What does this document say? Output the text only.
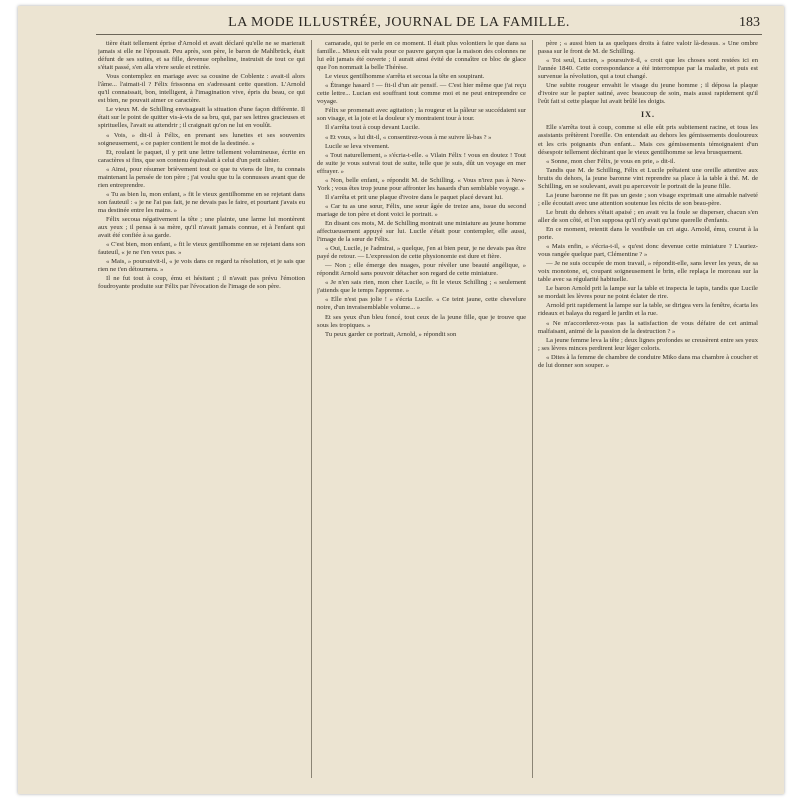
LA MODE ILLUSTRÉE, JOURNAL DE LA FAMILLE.	183

tière était tellement éprise d'Arnold et avait déclaré qu'elle ne se marierait jamais si elle ne l'épousait. Peu après, son père, le baron de Mahlbrück, était défunt de ses suites, et sa fille, devenue orpheline, instruisit de tout ce qui s'était passé, s'en alla vivre seule et retirée.

Vous contemplez en mariage avec sa cousine de Coblentz : avait-il alors l'âme... l'aimait-il ? Félix frissonna en s'adressant cette question. L'Arnold qu'il connaissait, bon, intelligent, à l'imagination vive, épris du beau, ce qui est bien, ne pouvait aimer ce caractère.

Le vieux M. de Schilling envisageait la situation d'une façon différente. Il était sur le point de quitter vis-à-vis de sa bru, qui, par ses lettres gracieuses et spirituelles, l'avait su attendrir ; il craignait qu'on ne lui en voulût.

« Vois, » dit-il à Félix, en prenant ses lunettes et ses souvenirs soigneusement, « ce papier contient le mot de la destinée. »

Et, roulant le paquet, il y prit une lettre tellement volumineuse, écrite en caractères si fins, que son contenu équivalait à celui d'un petit cahier.

« Ainsi, pour résumer brièvement tout ce que tu viens de lire, tu connais maintenant la pensée de ton père ; j'ai voulu que tu la connusses avant que de rien entreprendre.

« Tu as bien lu, mon enfant, » fit le vieux gentilhomme en se rejetant dans son fauteuil : « je ne l'ai pas fait, je ne devais pas le faire, et pourtant j'avais eu ma destinée entre les mains. »

Félix secoua négativement la tête ; une plainte, une larme lui montèrent aux yeux ; il pensa à sa mère, qu'il n'avait jamais connue, et à l'enfant qui avait été confiée à sa garde.

« C'est bien, mon enfant, » fit le vieux gentilhomme en se rejetant dans son fauteuil, « je ne t'en veux pas. »

« Mais, » poursuivit-il, « je vois dans ce regard ta résolution, et je sais que rien ne t'en détournera. »

Il ne fut tout à coup, ému et hésitant ; il n'avait pas prévu l'émotion foudroyante produite sur Félix par l'évocation de l'image de son père.

camarade, qui te perle en ce moment. Il était plus volontiers le que dans sa famille... Mieux eût valu pour ce pauvre garçon que la maison des colonnes ne lui eût jamais été ouverte ; il aurait ainsi évité de connaître ce bloc de glace que l'on nommait la belle Thérèse.

Le vieux gentilhomme s'arrêta et secoua la tête en soupirant.

« Étrange hasard ! — fit-il d'un air pensif. — C'est hier même que j'ai reçu cette lettre... Lucian est souffrant tout comme moi et ne peut entreprendre ce voyage.

Félix se promenait avec agitation ; la rougeur et la pâleur se succédaient sur son visage, et la joie et la douleur s'y montraient tour à tour.

Il s'arrêta tout à coup devant Lucile.

« Et vous, » lui dit-il, « consentirez-vous à me suivre là-bas ? »

Lucile se leva vivement.

« Tout naturellement, » s'écria-t-elle. « Vilain Félix ! vous en doutez ! Tout de suite je vous suivrai tout de suite, telle que je suis, dût un voyage en mer effrayer. »

« Non, belle enfant, » répondit M. de Schilling. « Vous n'irez pas à New-York ; vous êtes trop jeune pour affronter les hasards d'un semblable voyage. »

Il s'arrêta et prit une plaque d'ivoire dans le paquet placé devant lui.

« Car tu as une sœur, Félix, une sœur âgée de treize ans, issue du second mariage de ton père et dont voici le portrait. »

En disant ces mots, M. de Schilling montrait une miniature au jeune homme affectueusement appuyé sur lui. Lucile s'était pour contempler, elle aussi, l'image de la sœur de Félix.

« Oui, Lucile, je l'admirai, » quelque, j'en ai bien peur, je ne devais pas être payé de retour. — L'expression de cette physionomie est dure et fière.

— Non ; elle émerge des nuages, pour révéler une beauté angélique, » répondit Arnold sans pouvoir détacher son regard de cette miniature.

« Je n'en sais rien, mon cher Lucile, » fit le vieux Schilling ; « seulement j'attends que le temps l'apprenne. »

« Elle n'est pas jolie ! » s'écria Lucile. « Ce teint jaune, cette chevelure noire, d'un invraisemblable volume... »

Et ses yeux d'un bleu foncé, tout ceux de la jeune fille, que je trouve que sous les tropiques. »

Tu peux garder ce portrait, Arnold, » répondit son

père ; « aussi bien ta as quelques droits à faire valoir là-dessus. » Une ombre passa sur le front de M. de Schilling.

« Toi seul, Lucien, » poursuivit-il, « croit que les choses sont restées ici en l'année 1840. Cette correspondance a été interrompue par la maladie, et puis est survenue la révolution, qui a tout changé.

Une subite rougeur envahit le visage du jeune homme ; il déposa la plaque d'ivoire sur le papier satiné, avec beaucoup de soin, mais aussi rapidement qu'il l'eût fait si cette plaque lui avait brûlé les doigts.

IX.

Elle s'arrêta tout à coup, comme si elle eût pris subitement racine, et tous les assistants prêtèrent l'oreille. On entendait au dehors les gémissements douloureux et les cris poignants d'un enfant... Mais ces gémissements témoignaient d'un désespoir tellement déchirant que le vieux gentilhomme se leva brusquement.

« Sonne, mon cher Félix, je vous en prie, » dit-il.

Tandis que M. de Schilling, Félix et Lucile prêtaient une oreille attentive aux bruits du dehors, la jeune baronne vint reprendre sa place à la table à thé. M. de Schilling, en se soulevant, avait pu apercevoir le portrait de la jeune fille.

La jeune baronne ne fit pas un geste ; son visage exprimait une aimable naïveté ; elle écoutait avec une attention soutenue les récits de son beau-père.

Le bruit du dehors s'était apaisé ; en avait vu la foule se disperser, chacun s'en aller de son côté, et l'on supposa qu'il n'y avait qu'une querelle d'enfants.

En ce moment, retentit dans le vestibule un cri aigu. Arnold, ému, courut à la porte.

« Mais enfin, » s'écria-t-il, « qu'est donc devenue cette miniature ? L'auriez-vous rangée quelque part, Clémentine ? »

— Je ne suis occupée de mon travail, » répondit-elle, sans lever les yeux, de sa voix monotone, et, coupant soigneusement le brin, elle replaça le morceau sur la table avec sa régularité habituelle.

Le baron Arnold prit la lampe sur la table et inspecta le tapis, tandis que Lucile se mordait les lèvres pour ne point éclater de rire.

Arnold prit rapidement la lampe sur la table, se dirigea vers la fenêtre, écarta les rideaux et balaya du regard le jardin et la rue.

« Ne m'accorderez-vous pas la satisfaction de vous défaire de cet animal malfaisant, animé de la passion de la destruction ? »

La jeune femme leva la tête ; deux lignes profondes se creusèrent entre ses yeux ; ses lèvres minces perdirent leur léger coloris.

« Dites à la femme de chambre de conduire Miko dans ma chambre à coucher et de lui donner son souper. »
